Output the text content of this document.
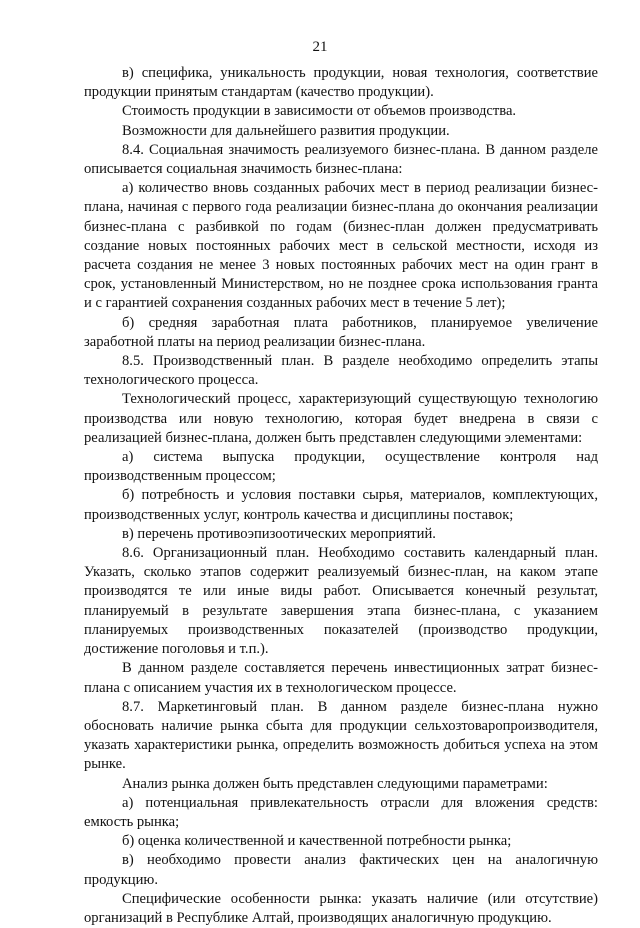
21

в) специфика, уникальность продукции, новая технология, соответствие продукции принятым стандартам (качество продукции).

Стоимость продукции в зависимости от объемов производства.

Возможности для дальнейшего развития продукции.

8.4. Социальная значимость реализуемого бизнес-плана. В данном разделе описывается социальная значимость бизнес-плана:

а) количество вновь созданных рабочих мест в период реализации бизнес-плана, начиная с первого года реализации бизнес-плана до окончания реализации бизнес-плана с разбивкой по годам (бизнес-план должен предусматривать создание новых постоянных рабочих мест в сельской местности, исходя из расчета создания не менее 3 новых постоянных рабочих мест на один грант в срок, установленный Министерством, но не позднее срока использования гранта и с гарантией сохранения созданных рабочих мест в течение 5 лет);

б) средняя заработная плата работников, планируемое увеличение заработной платы на период реализации бизнес-плана.

8.5. Производственный план. В разделе необходимо определить этапы технологического процесса.

Технологический процесс, характеризующий существующую технологию производства или новую технологию, которая будет внедрена в связи с реализацией бизнес-плана, должен быть представлен следующими элементами:

а) система выпуска продукции, осуществление контроля над производственным процессом;

б) потребность и условия поставки сырья, материалов, комплектующих, производственных услуг, контроль качества и дисциплины поставок;

в) перечень противоэпизоотических мероприятий.

8.6. Организационный план. Необходимо составить календарный план. Указать, сколько этапов содержит реализуемый бизнес-план, на каком этапе производятся те или иные виды работ. Описывается конечный результат, планируемый в результате завершения этапа бизнес-плана, с указанием планируемых производственных показателей (производство продукции, достижение поголовья и т.п.).

В данном разделе составляется перечень инвестиционных затрат бизнес-плана с описанием участия их в технологическом процессе.

8.7. Маркетинговый план. В данном разделе бизнес-плана нужно обосновать наличие рынка сбыта для продукции сельхозтоваропроизводителя, указать характеристики рынка, определить возможность добиться успеха на этом рынке.

Анализ рынка должен быть представлен следующими параметрами:

а) потенциальная привлекательность отрасли для вложения средств: емкость рынка;

б) оценка количественной и качественной потребности рынка;

в) необходимо провести анализ фактических цен на аналогичную продукцию.

Специфические особенности рынка: указать наличие (или отсутствие) организаций в Республике Алтай, производящих аналогичную продукцию.
